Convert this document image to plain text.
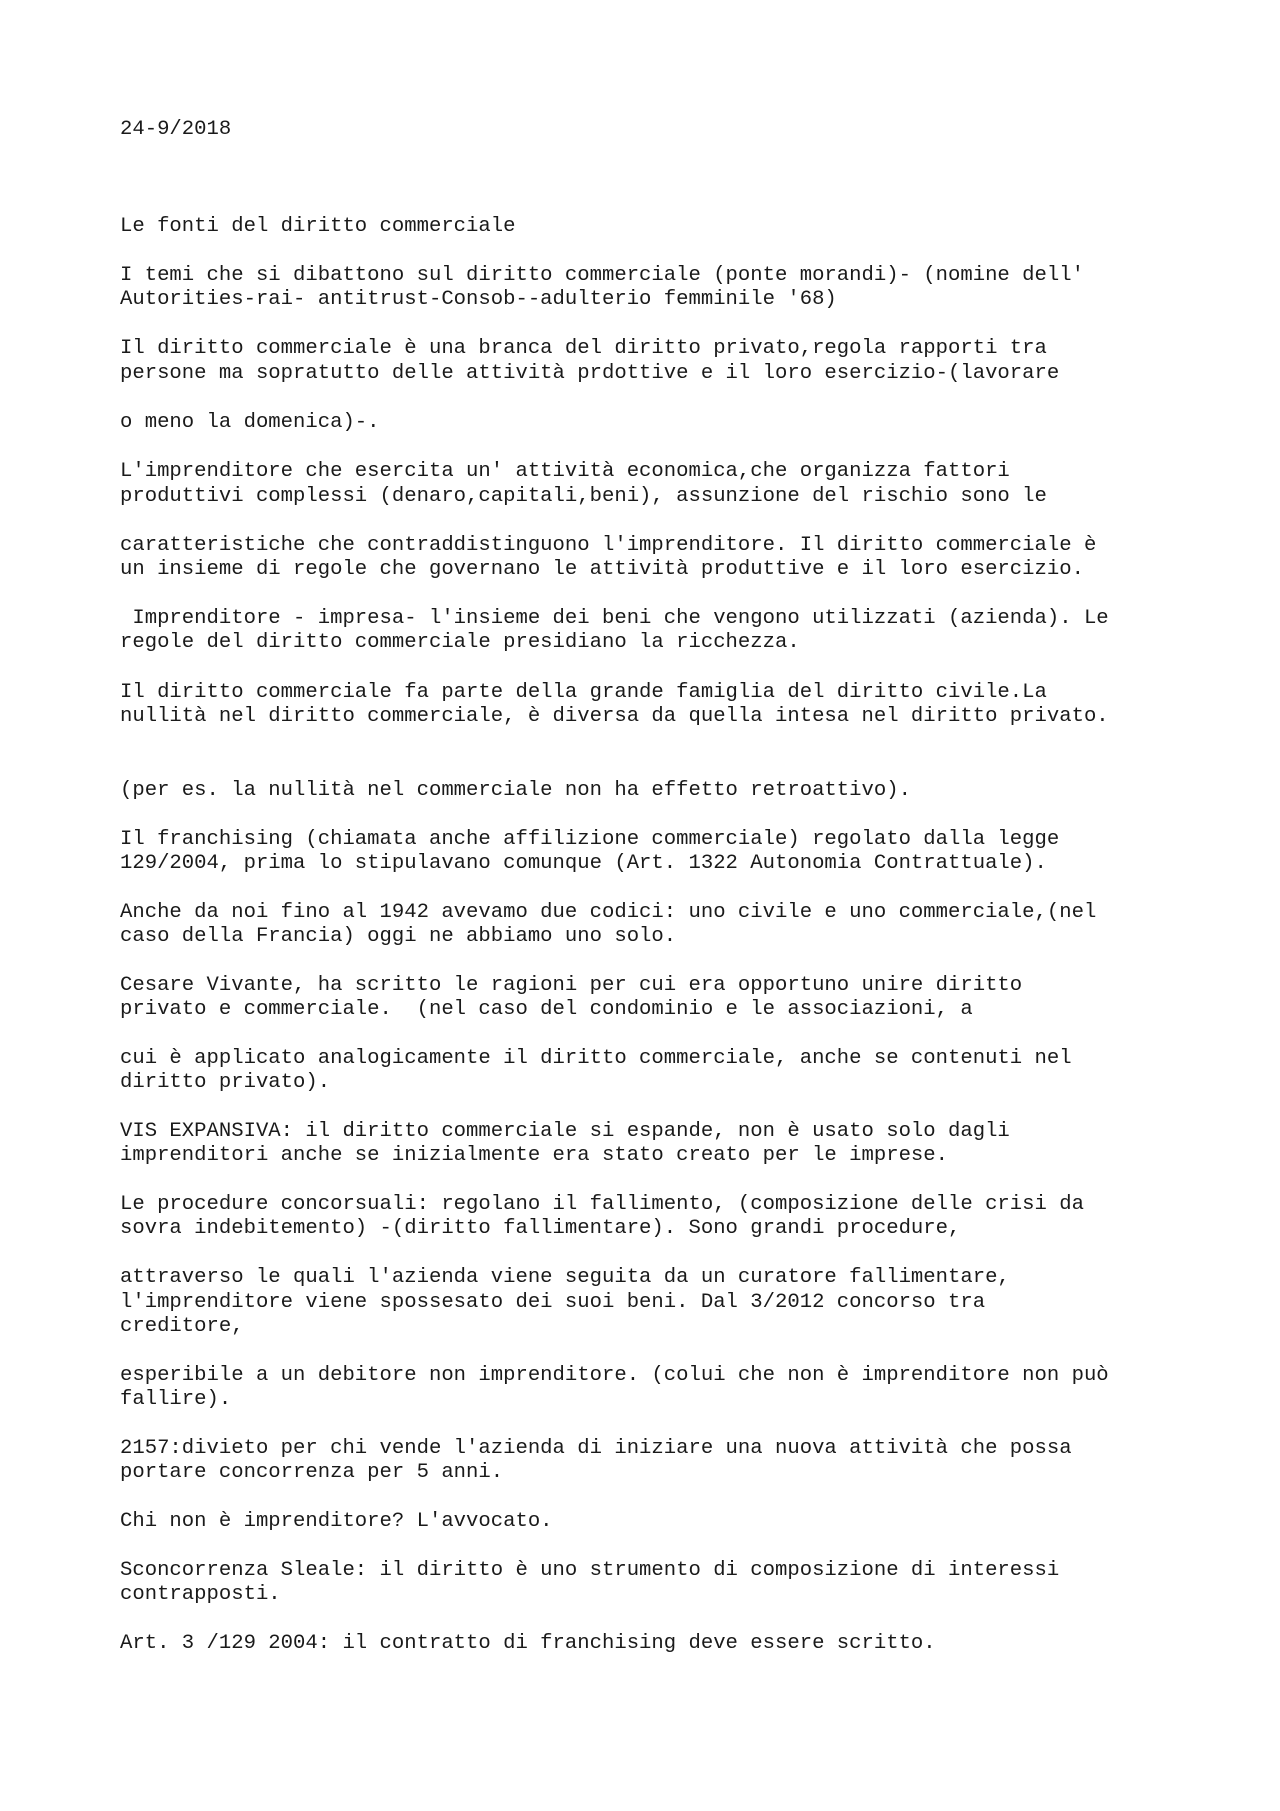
24-9/2018

Le fonti del diritto commerciale

I temi che si dibattono sul diritto commerciale (ponte morandi)- (nomine dell'

Autorities-rai- antitrust-Consob--adulterio femminile '68)

Il diritto commerciale è una branca del diritto privato,regola rapporti tra

persone ma sopratutto delle attività prdottive e il loro esercizio-(lavorare

o meno la domenica)-.

L'imprenditore che esercita un' attività economica,che organizza fattori

produttivi complessi (denaro,capitali,beni), assunzione del rischio sono le

caratteristiche che contraddistinguono l'imprenditore. Il diritto commerciale è

un insieme di regole che governano le attività produttive e il loro esercizio.

Imprenditore - impresa- l'insieme dei beni che vengono utilizzati (azienda). Le

regole del diritto commerciale presidiano la ricchezza.

Il diritto commerciale fa parte della grande famiglia del diritto civile.La

nullità nel diritto commerciale, è diversa da quella intesa nel diritto privato.

(per es. la nullità nel commerciale non ha effetto retroattivo).

Il franchising (chiamata anche affilizione commerciale) regolato dalla legge

129/2004, prima lo stipulavano comunque (Art. 1322 Autonomia Contrattuale).

Anche da noi fino al 1942 avevamo due codici: uno civile e uno commerciale,(nel

caso della Francia) oggi ne abbiamo uno solo.

Cesare Vivante, ha scritto le ragioni per cui era opportuno unire diritto

privato e commerciale.  (nel caso del condominio e le associazioni, a

cui è applicato analogicamente il diritto commerciale, anche se contenuti nel

diritto privato).

VIS EXPANSIVA: il diritto commerciale si espande, non è usato solo dagli

imprenditori anche se inizialmente era stato creato per le imprese.

Le procedure concorsuali: regolano il fallimento, (composizione delle crisi da

sovra indebitemento) -(diritto fallimentare). Sono grandi procedure,

attraverso le quali l'azienda viene seguita da un curatore fallimentare,

l'imprenditore viene spossesato dei suoi beni. Dal 3/2012 concorso tra

creditore,

esperibile a un debitore non imprenditore. (colui che non è imprenditore non può

fallire).

2157:divieto per chi vende l'azienda di iniziare una nuova attività che possa

portare concorrenza per 5 anni.

Chi non è imprenditore? L'avvocato.

Sconcorrenza Sleale: il diritto è uno strumento di composizione di interessi

contrapposti.

Art. 3 /129 2004: il contratto di franchising deve essere scritto.
